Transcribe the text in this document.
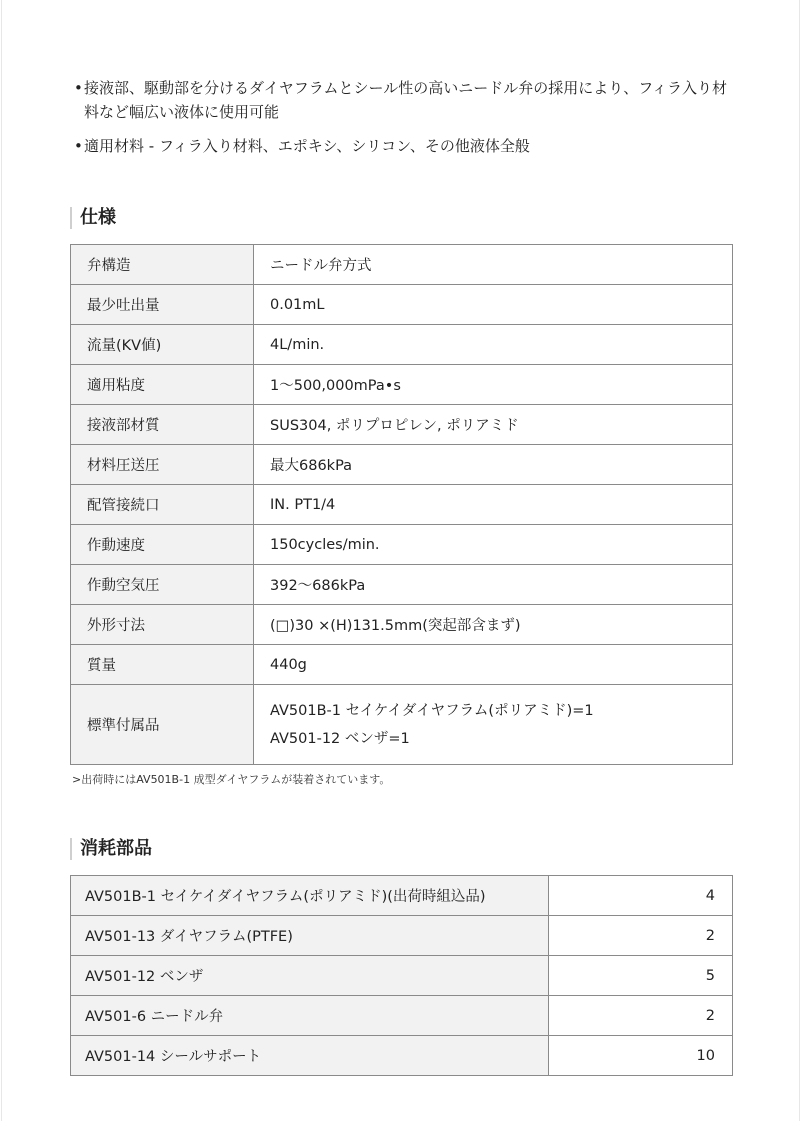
• 接液部、駆動部を分けるダイヤフラムとシール性の高いニードル弁の採用により、フィラ入り材料など幅広い液体に使用可能
• 適用材料 - フィラ入り材料、エポキシ、シリコン、その他液体全般
仕様
弁構造	ニードル弁方式
最少吐出量	0.01mL
流量(KV値)	4L/min.
適用粘度	1〜500,000mPa•s
接液部材質	SUS304, ポリプロピレン, ポリアミド
材料圧送圧	最大686kPa
配管接続口	IN. PT1/4
作動速度	150cycles/min.
作動空気圧	392〜686kPa
外形寸法	(□)30 ×(H)131.5mm(突起部含まず)
質量	440g
標準付属品	AV501B-1 セイケイダイヤフラム(ポリアミド)=1
AV501-12 ベンザ=1
>出荷時にはAV501B-1 成型ダイヤフラムが装着されています。
消耗部品
AV501B-1 セイケイダイヤフラム(ポリアミド)(出荷時組込品)	4
AV501-13 ダイヤフラム(PTFE)	2
AV501-12 ベンザ	5
AV501-6 ニードル弁	2
AV501-14 シールサポート	10
